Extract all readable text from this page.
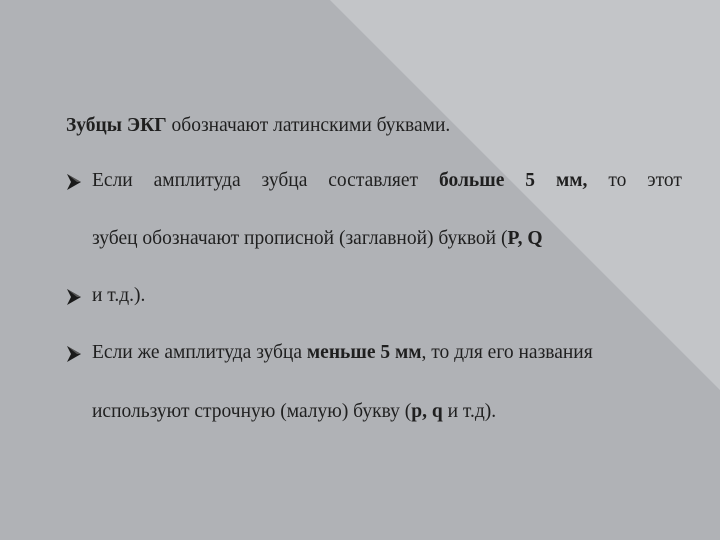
Зубцы ЭКГ обозначают латинскими буквами.
Если амплитуда зубца составляет больше 5 мм, то этот
зубец обозначают прописной (заглавной) буквой (P, Q
и т.д.).
Если же амплитуда зубца меньше 5 мм, то для его названия
используют строчную (малую) букву (p, q и т.д).
